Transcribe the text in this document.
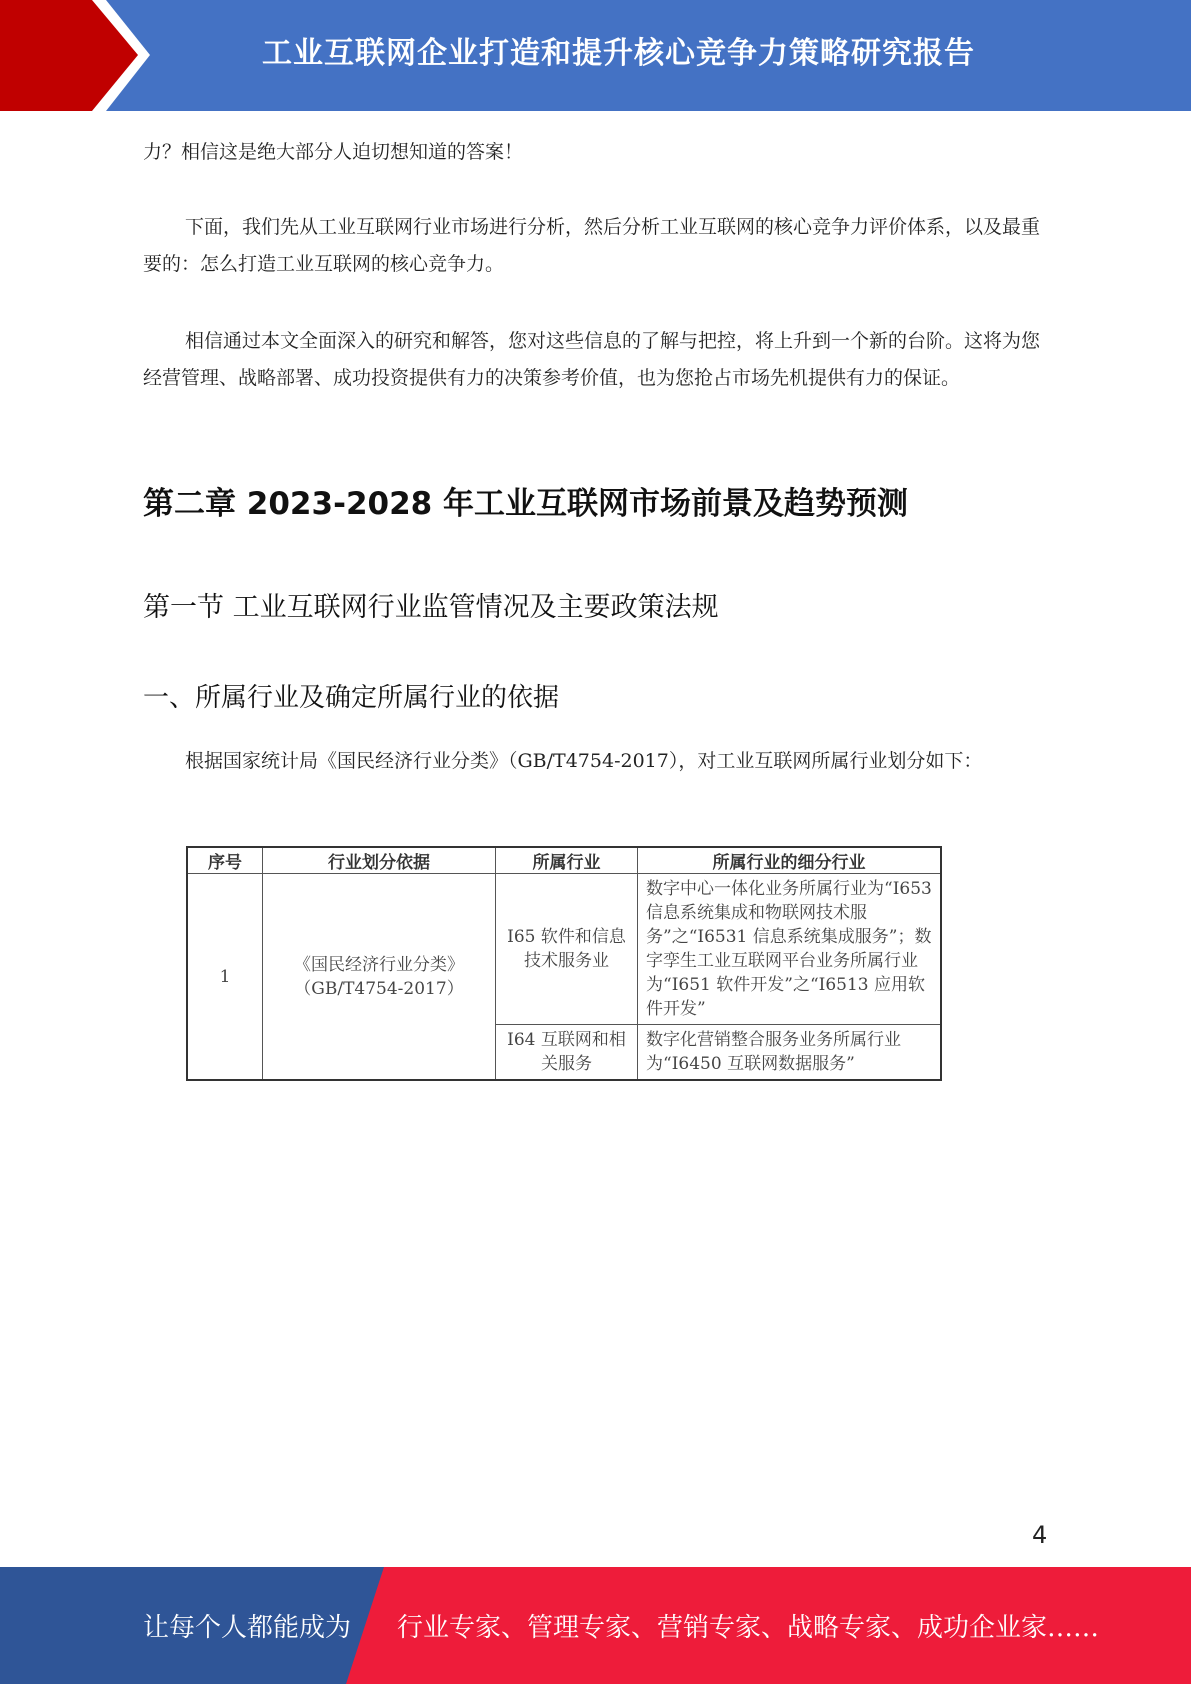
工业互联网企业打造和提升核心竞争力策略研究报告

力？相信这是绝大部分人迫切想知道的答案！

下面，我们先从工业互联网行业市场进行分析，然后分析工业互联网的核心竞争力评价体系，以及最重要的：怎么打造工业互联网的核心竞争力。

相信通过本文全面深入的研究和解答，您对这些信息的了解与把控，将上升到一个新的台阶。这将为您经营管理、战略部署、成功投资提供有力的决策参考价值，也为您抢占市场先机提供有力的保证。

第二章 2023-2028 年工业互联网市场前景及趋势预测
第一节 工业互联网行业监管情况及主要政策法规
一、所属行业及确定所属行业的依据

根据国家统计局《国民经济行业分类》（GB/T4754-2017），对工业互联网所属行业划分如下：

序号	行业划分依据	所属行业	所属行业的细分行业
1	《国民经济行业分类》（GB/T4754-2017）	I65 软件和信息技术服务业	数字中心一体化业务所属行业为“I653 信息系统集成和物联网技术服务”之“I6531 信息系统集成服务”；数字孪生工业互联网平台业务所属行业为“I651 软件开发”之“I6513 应用软件开发”
		I64 互联网和相关服务	数字化营销整合服务业务所属行业为“I6450 互联网数据服务”
4
让每个人都能成为 行业专家、管理专家、营销专家、战略专家、成功企业家……
